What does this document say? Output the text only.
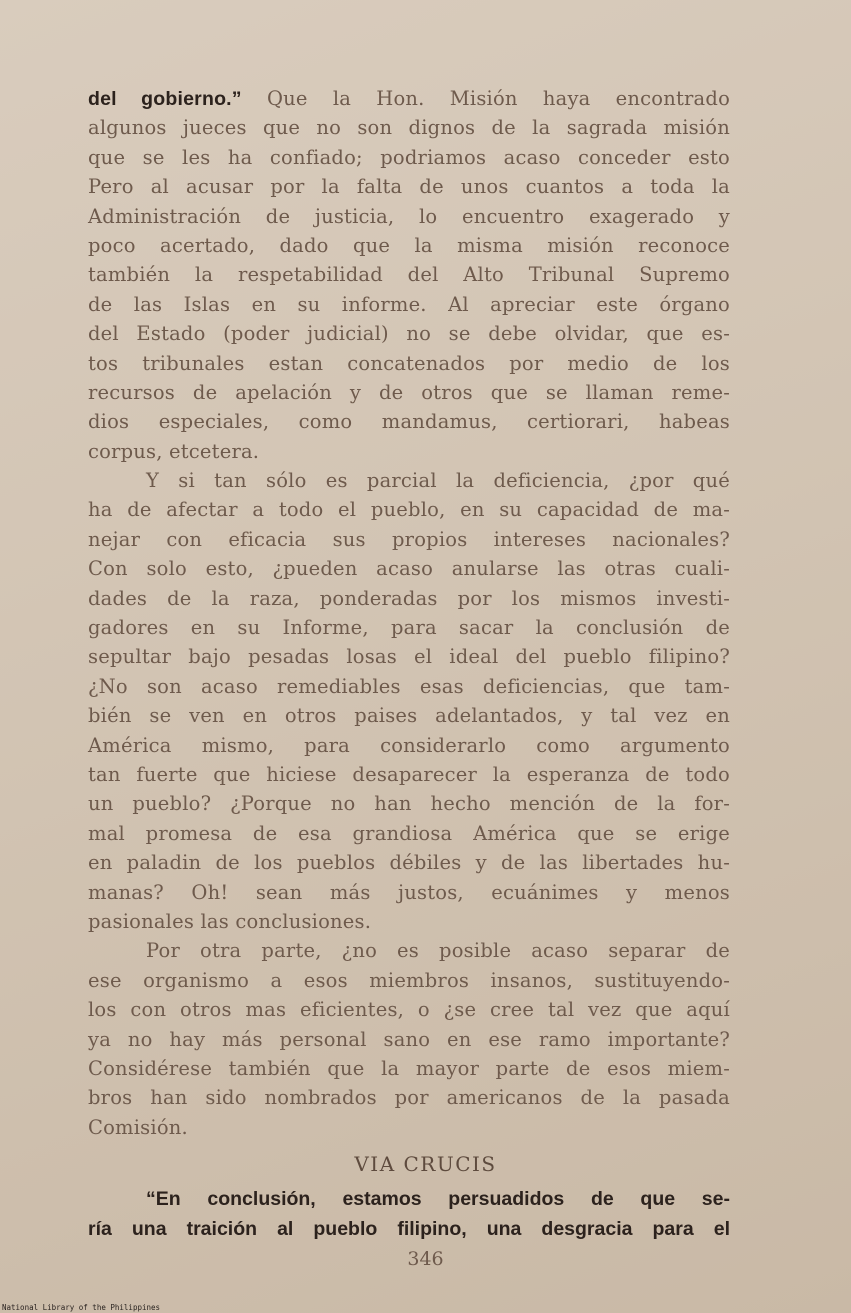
del gobierno.” Que la Hon. Misión haya encontrado
algunos jueces que no son dignos de la sagrada misión
que se les ha confiado; podriamos acaso conceder esto
Pero al acusar por la falta de unos cuantos a toda la
Administración de justicia, lo encuentro exagerado y
poco acertado, dado que la misma misión reconoce
también la respetabilidad del Alto Tribunal Supremo
de las Islas en su informe. Al apreciar este órgano
del Estado (poder judicial) no se debe olvidar, que es-
tos tribunales estan concatenados por medio de los
recursos de apelación y de otros que se llaman reme-
dios especiales, como mandamus, certiorari, habeas
corpus, etcetera.
Y si tan sólo es parcial la deficiencia, ¿por qué
ha de afectar a todo el pueblo, en su capacidad de ma-
nejar con eficacia sus propios intereses nacionales?
Con solo esto, ¿pueden acaso anularse las otras cuali-
dades de la raza, ponderadas por los mismos investi-
gadores en su Informe, para sacar la conclusión de
sepultar bajo pesadas losas el ideal del pueblo filipino?
¿No son acaso remediables esas deficiencias, que tam-
bién se ven en otros paises adelantados, y tal vez en
América mismo, para considerarlo como argumento
tan fuerte que hiciese desaparecer la esperanza de todo
un pueblo? ¿Porque no han hecho mención de la for-
mal promesa de esa grandiosa América que se erige
en paladin de los pueblos débiles y de las libertades hu-
manas? Oh! sean más justos, ecuánimes y menos
pasionales las conclusiones.
Por otra parte, ¿no es posible acaso separar de
ese organismo a esos miembros insanos, sustituyendo-
los con otros mas eficientes, o ¿se cree tal vez que aquí
ya no hay más personal sano en ese ramo importante?
Considérese también que la mayor parte de esos miem-
bros han sido nombrados por americanos de la pasada
Comisión.
VIA CRUCIS
“En conclusión, estamos persuadidos de que se-
ría una traición al pueblo filipino, una desgracia para el
346
National Library of the Philippines
